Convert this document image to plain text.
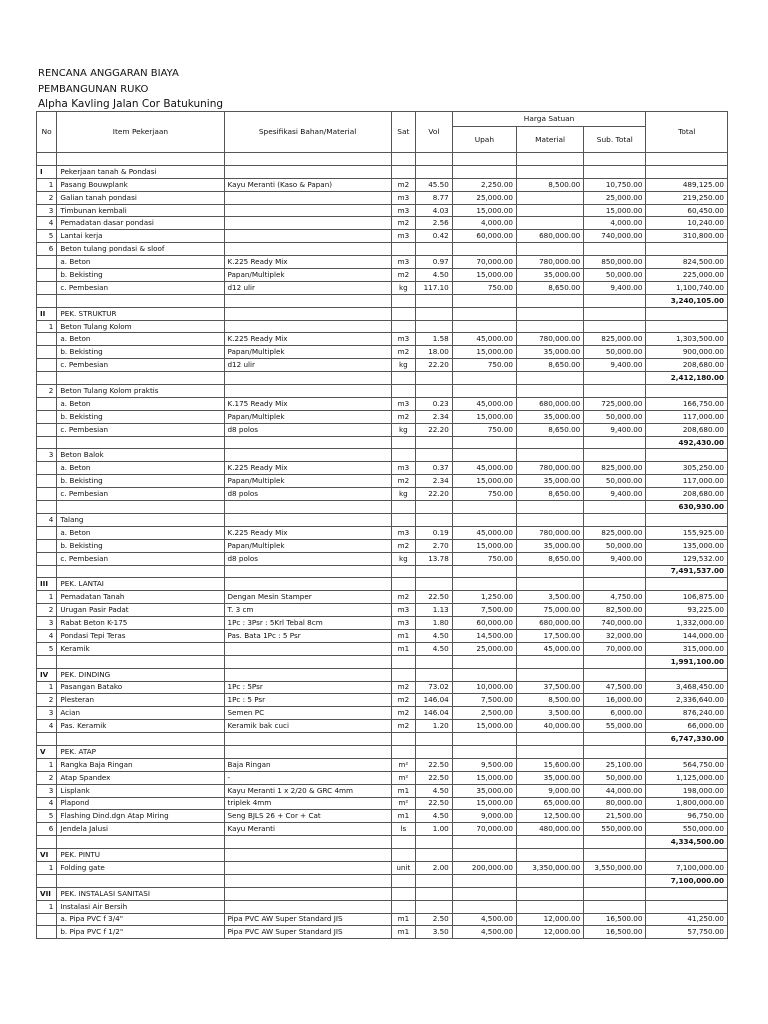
RENCANA ANGGARAN BIAYA
PEMBANGUNAN RUKO
Alpha Kavling Jalan Cor Batukuning
No	Item Pekerjaan	Spesifikasi Bahan/Material	Sat	Vol	Harga Satuan			Total
					Upah	Material	Sub. Total	

I	Pekerjaan tanah & Pondasi							
1	Pasang Bouwplank	Kayu Meranti (Kaso & Papan)	m2	45.50	2,250.00	8,500.00	10,750.00	489,125.00
2	Galian tanah pondasi		m3	8.77	25,000.00		25,000.00	219,250.00
3	Timbunan kembali		m3	4.03	15,000.00		15,000.00	60,450.00
4	Pemadatan dasar pondasi		m2	2.56	4,000.00		4,000.00	10,240.00
5	Lantai kerja		m3	0.42	60,000.00	680,000.00	740,000.00	310,800.00
6	Beton tulang pondasi & sloof							
	a. Beton	K.225 Ready Mix	m3	0.97	70,000.00	780,000.00	850,000.00	824,500.00
	b. Bekisting	Papan/Multiplek	m2	4.50	15,000.00	35,000.00	50,000.00	225,000.00
	c. Pembesian	d12 ulir	kg	117.10	750.00	8,650.00	9,400.00	1,100,740.00
								3,240,105.00
II	PEK. STRUKTUR							
1	Beton Tulang Kolom							
	a. Beton	K.225 Ready Mix	m3	1.58	45,000.00	780,000.00	825,000.00	1,303,500.00
	b. Bekisting	Papan/Multiplek	m2	18.00	15,000.00	35,000.00	50,000.00	900,000.00
	c. Pembesian	d12 ulir	kg	22.20	750.00	8,650.00	9,400.00	208,680.00
								2,412,180.00
2	Beton Tulang Kolom praktis							
	a. Beton	K.175 Ready Mix	m3	0.23	45,000.00	680,000.00	725,000.00	166,750.00
	b. Bekisting	Papan/Multiplek	m2	2.34	15,000.00	35,000.00	50,000.00	117,000.00
	c. Pembesian	d8 polos	kg	22.20	750.00	8,650.00	9,400.00	208,680.00
								492,430.00
3	Beton Balok							
	a. Beton	K.225 Ready Mix	m3	0.37	45,000.00	780,000.00	825,000.00	305,250.00
	b. Bekisting	Papan/Multiplek	m2	2.34	15,000.00	35,000.00	50,000.00	117,000.00
	c. Pembesian	d8 polos	kg	22.20	750.00	8,650.00	9,400.00	208,680.00
								630,930.00
4	Talang							
	a. Beton	K.225 Ready Mix	m3	0.19	45,000.00	780,000.00	825,000.00	155,925.00
	b. Bekisting	Papan/Multiplek	m2	2.70	15,000.00	35,000.00	50,000.00	135,000.00
	c. Pembesian	d8 polos	kg	13.78	750.00	8,650.00	9,400.00	129,532.00
								7,491,537.00
III	PEK. LANTAI							
1	Pemadatan Tanah	Dengan Mesin Stamper	m2	22.50	1,250.00	3,500.00	4,750.00	106,875.00
2	Urugan Pasir Padat	T. 3 cm	m3	1.13	7,500.00	75,000.00	82,500.00	93,225.00
3	Rabat Beton K-175	1Pc : 3Psr : 5Krl Tebal 8cm	m3	1.80	60,000.00	680,000.00	740,000.00	1,332,000.00
4	Pondasi Tepi Teras	Pas. Bata 1Pc : 5 Psr	m1	4.50	14,500.00	17,500.00	32,000.00	144,000.00
5	Keramik		m1	4.50	25,000.00	45,000.00	70,000.00	315,000.00
								1,991,100.00
IV	PEK. DINDING							
1	Pasangan Batako	1Pc : 5Psr	m2	73.02	10,000.00	37,500.00	47,500.00	3,468,450.00
2	Plesteran	1Pc : 5 Psr	m2	146.04	7,500.00	8,500.00	16,000.00	2,336,640.00
3	Acian	Semen PC	m2	146.04	2,500.00	3,500.00	6,000.00	876,240.00
4	Pas. Keramik	Keramik bak cuci	m2	1.20	15,000.00	40,000.00	55,000.00	66,000.00
								6,747,330.00
V	PEK. ATAP							
1	Rangka Baja Ringan	Baja Ringan	m²	22.50	9,500.00	15,600.00	25,100.00	564,750.00
2	Atap Spandex	-	m²	22.50	15,000.00	35,000.00	50,000.00	1,125,000.00
3	Lisplank	Kayu Meranti 1 x 2/20 & GRC 4mm	m1	4.50	35,000.00	9,000.00	44,000.00	198,000.00
4	Plapond	triplek 4mm	m²	22.50	15,000.00	65,000.00	80,000.00	1,800,000.00
5	Flashing Dind.dgn Atap Miring	Seng BJLS 26 + Cor + Cat	m1	4.50	9,000.00	12,500.00	21,500.00	96,750.00
6	Jendela Jalusi	Kayu Meranti	ls	1.00	70,000.00	480,000.00	550,000.00	550,000.00
								4,334,500.00
VI	PEK. PINTU							
1	Folding gate		unit	2.00	200,000.00	3,350,000.00	3,550,000.00	7,100,000.00
								7,100,000.00
VII	PEK. INSTALASI SANITASI							
1	Instalasi Air Bersih							
	a. Pipa PVC f 3/4"	Pipa PVC AW Super Standard JIS	m1	2.50	4,500.00	12,000.00	16,500.00	41,250.00
	b. Pipa PVC f 1/2"	Pipa PVC AW Super Standard JIS	m1	3.50	4,500.00	12,000.00	16,500.00	57,750.00
